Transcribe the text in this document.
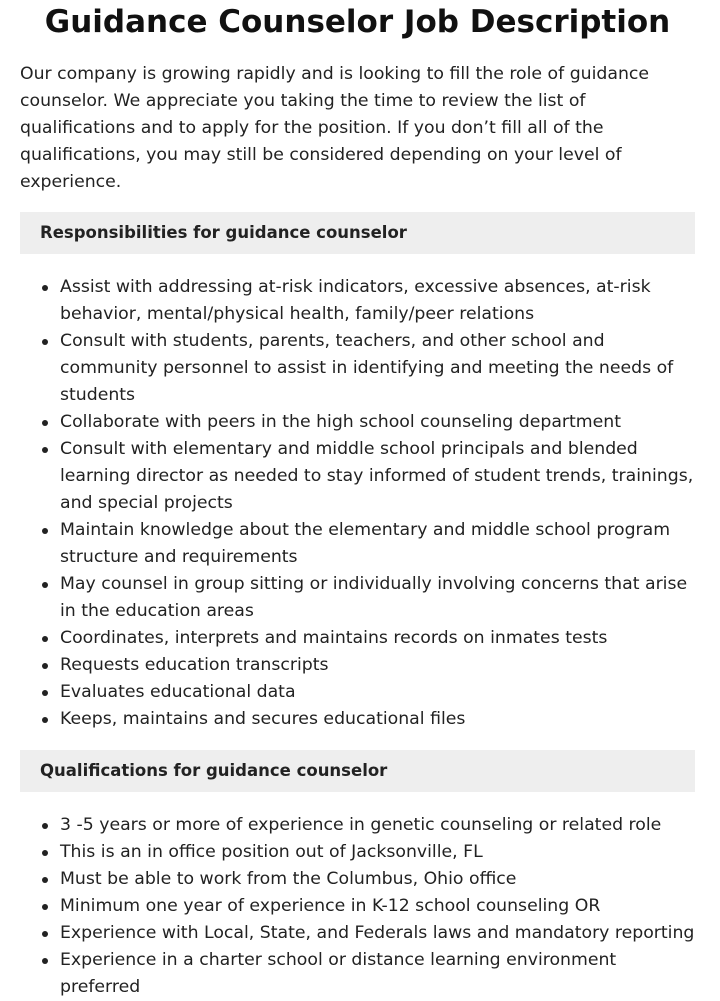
Guidance Counselor Job Description

Our company is growing rapidly and is looking to fill the role of guidance counselor. We appreciate you taking the time to review the list of qualifications and to apply for the position. If you don’t fill all of the qualifications, you may still be considered depending on your level of experience.

Responsibilities for guidance counselor
Assist with addressing at-risk indicators, excessive absences, at-risk behavior, mental/physical health, family/peer relations
Consult with students, parents, teachers, and other school and community personnel to assist in identifying and meeting the needs of students
Collaborate with peers in the high school counseling department
Consult with elementary and middle school principals and blended learning director as needed to stay informed of student trends, trainings, and special projects
Maintain knowledge about the elementary and middle school program structure and requirements
May counsel in group sitting or individually involving concerns that arise in the education areas
Coordinates, interprets and maintains records on inmates tests
Requests education transcripts
Evaluates educational data
Keeps, maintains and secures educational files
Qualifications for guidance counselor
3 -5 years or more of experience in genetic counseling or related role
This is an in office position out of Jacksonville, FL
Must be able to work from the Columbus, Ohio office
Minimum one year of experience in K-12 school counseling OR
Experience with Local, State, and Federals laws and mandatory reporting
Experience in a charter school or distance learning environment preferred
